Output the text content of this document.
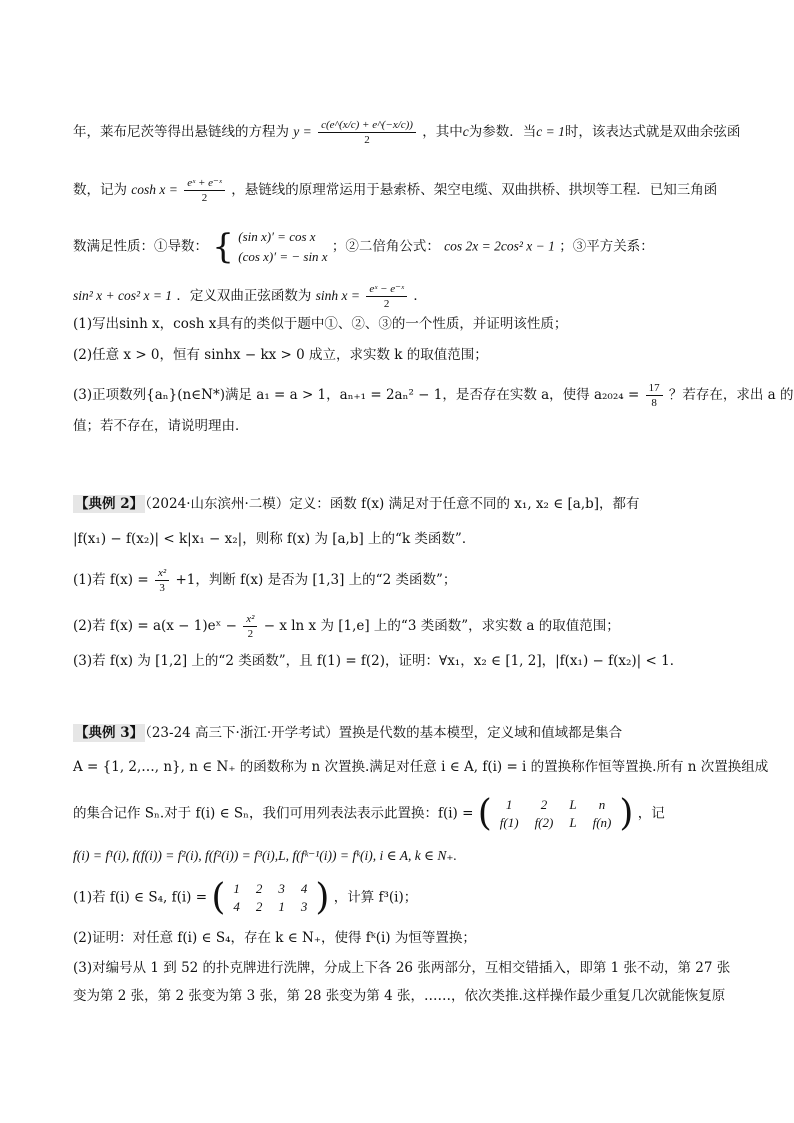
年，莱布尼茨等得出悬链线的方程为 $y = \frac{c(e\^{}(x/c) + e\^{}(-x/c))}{2}$ ，其中c为参数．当c = 1时，该表达式就是双曲余弦函
数，记为 $\cosh x = \frac{\text{eˣ + e⁻ˣ}}{2}$ ，悬链线的原理常运用于悬索桥、架空电缆、双曲拱桥、拱坝等工程．已知三角函
数满足性质：①导数： { (sin x)′ = cos x
(cos x)′ = − sin x
；②二倍角公式： cos 2x = 2cos² x − 1 ；③平方关系：
sin² x + cos² x = 1 ．定义双曲正弦函数为 $\sinh x = \frac{\text{eˣ − e⁻ˣ}}{2}$ ．
(1)写出sinh x，cosh x具有的类似于题中①、②、③的一个性质，并证明该性质；
(2)任意 x > 0，恒有 sinhx − kx > 0 成立，求实数 k 的取值范围；
(3)正项数列{aₙ}(n∈N*)满足 a₁ = a > 1，aₙ₊₁ = 2aₙ² − 1，是否存在实数 a，使得 $a_{2024} = \frac{17}{8}$ ？若存在，求出 a 的
值；若不存在，请说明理由．
【典例 2】 （2024·山东滨州·二模）定义：函数 f(x) 满足对于任意不同的 x₁, x₂ ∈ [a,b]，都有
|f(x₁) − f(x₂)| < k|x₁ − x₂|，则称 f(x) 为 [a,b] 上的“k 类函数”．
(1)若 $f(x) = \frac{\text{x²}}{3} +1$，判断 f(x) 是否为 [1,3] 上的“2 类函数”；
(2)若 f(x) = a(x − 1)eˣ − $\frac{\text{x²}}{2} - x$ ln x 为 [1,e] 上的“3 类函数”，求实数 a 的取值范围；
(3)若 f(x) 为 [1,2] 上的“2 类函数”，且 f(1) = f(2)，证明：∀x₁，x₂ ∈ [1, 2]，|f(x₁) − f(x₂)| < 1．
【典例 3】 （23-24 高三下·浙江·开学考试）置换是代数的基本模型，定义域和值域都是集合
A = {1, 2,…, n}, n ∈ N₊ 的函数称为 n 次置换.满足对任意 i ∈ A, f(i) = i 的置换称作恒等置换.所有 n 次置换组成
的集合记作 Sₙ.对于 f(i) ∈ Sₙ，我们可用列表法表示此置换：f(i) = ( 1	2	L	n
f(1)	f(2)	L	f(n) ) ，记
f(i) = f¹(i), f(f(i)) = f²(i), f(f²(i)) = f³(i),L, f(fᵏ⁻¹(i)) = fᵏ(i), i ∈ A, k ∈ N₊.
(1)若 f(i) ∈ S₄, f(i) = ( 1	2	3	4
4	2	1	3 ) ，计算 f³(i)；
(2)证明：对任意 f(i) ∈ S₄，存在 k ∈ N₊，使得 fᵏ(i) 为恒等置换；
(3)对编号从 1 到 52 的扑克牌进行洗牌，分成上下各 26 张两部分，互相交错插入，即第 1 张不动，第 27 张
变为第 2 张，第 2 张变为第 3 张，第 28 张变为第 4 张，……，依次类推.这样操作最少重复几次就能恢复原
